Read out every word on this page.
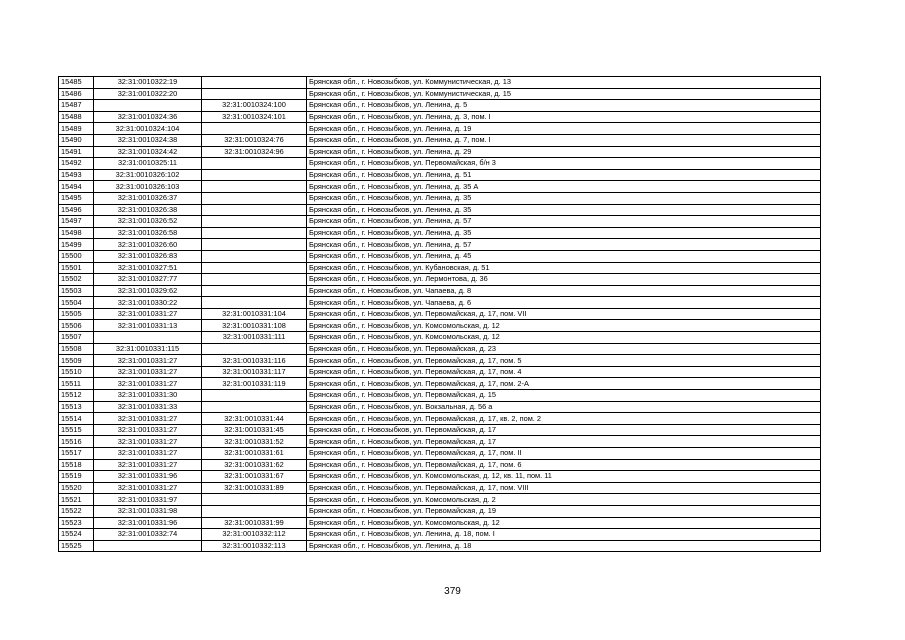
15485	32:31:0010322:19		Брянская обл., г. Новозыбков, ул. Коммунистическая, д. 13
15486	32:31:0010322:20		Брянская обл., г. Новозыбков, ул. Коммунистическая, д. 15
15487		32:31:0010324:100	Брянская обл., г. Новозыбков, ул. Ленина, д. 5
15488	32:31:0010324:36	32:31:0010324:101	Брянская обл., г. Новозыбков, ул. Ленина, д. 3, пом. I
15489	32:31:0010324:104		Брянская обл., г. Новозыбков, ул. Ленина, д. 19
15490	32:31:0010324:38	32:31:0010324:76	Брянская обл., г. Новозыбков, ул. Ленина, д. 7, пом. I
15491	32:31:0010324:42	32:31:0010324:96	Брянская обл., г. Новозыбков, ул. Ленина, д. 29
15492	32:31:0010325:11		Брянская обл., г. Новозыбков, ул. Первомайская, б/н 3
15493	32:31:0010326:102		Брянская обл., г. Новозыбков, ул. Ленина, д. 51
15494	32:31:0010326:103		Брянская обл., г. Новозыбков, ул. Ленина, д. 35 А
15495	32:31:0010326:37		Брянская обл., г. Новозыбков, ул. Ленина, д. 35
15496	32:31:0010326:38		Брянская обл., г. Новозыбков, ул. Ленина, д. 35
15497	32:31:0010326:52		Брянская обл., г. Новозыбков, ул. Ленина, д. 57
15498	32:31:0010326:58		Брянская обл., г. Новозыбков, ул. Ленина, д. 35
15499	32:31:0010326:60		Брянская обл., г. Новозыбков, ул. Ленина, д. 57
15500	32:31:0010326:83		Брянская обл., г. Новозыбков, ул. Ленина, д. 45
15501	32:31:0010327:51		Брянская обл., г. Новозыбков, ул. Кубановская, д. 51
15502	32:31:0010327:77		Брянская обл., г. Новозыбков, ул. Лермонтова, д. 36
15503	32:31:0010329:62		Брянская обл., г. Новозыбков, ул. Чапаева, д. 8
15504	32:31:0010330:22		Брянская обл., г. Новозыбков, ул. Чапаева, д. 6
15505	32:31:0010331:27	32:31:0010331:104	Брянская обл., г. Новозыбков, ул. Первомайская, д. 17, пом. VII
15506	32:31:0010331:13	32:31:0010331:108	Брянская обл., г. Новозыбков, ул. Комсомольская, д. 12
15507		32:31:0010331:111	Брянская обл., г. Новозыбков, ул. Комсомольская, д. 12
15508	32:31:0010331:115		Брянская обл., г. Новозыбков, ул. Первомайская, д. 23
15509	32:31:0010331:27	32:31:0010331:116	Брянская обл., г. Новозыбков, ул. Первомайская, д. 17, пом. 5
15510	32:31:0010331:27	32:31:0010331:117	Брянская обл., г. Новозыбков, ул. Первомайская, д. 17, пом. 4
15511	32:31:0010331:27	32:31:0010331:119	Брянская обл., г. Новозыбков, ул. Первомайская, д. 17, пом. 2-А
15512	32:31:0010331:30		Брянская обл., г. Новозыбков, ул. Первомайская, д. 15
15513	32:31:0010331:33		Брянская обл., г. Новозыбков, ул. Вокзальная, д. 56 а
15514	32:31:0010331:27	32:31:0010331:44	Брянская обл., г. Новозыбков, ул. Первомайская, д. 17, кв. 2, пом. 2
15515	32:31:0010331:27	32:31:0010331:45	Брянская обл., г. Новозыбков, ул. Первомайская, д. 17
15516	32:31:0010331:27	32:31:0010331:52	Брянская обл., г. Новозыбков, ул. Первомайская, д. 17
15517	32:31:0010331:27	32:31:0010331:61	Брянская обл., г. Новозыбков, ул. Первомайская, д. 17, пом. II
15518	32:31:0010331:27	32:31:0010331:62	Брянская обл., г. Новозыбков, ул. Первомайская, д. 17, пом. 6
15519	32:31:0010331:96	32:31:0010331:67	Брянская обл., г. Новозыбков, ул. Комсомольская, д. 12, кв. 11, пом. 11
15520	32:31:0010331:27	32:31:0010331:89	Брянская обл., г. Новозыбков, ул. Первомайская, д. 17, пом. VIII
15521	32:31:0010331:97		Брянская обл., г. Новозыбков, ул. Комсомольская, д. 2
15522	32:31:0010331:98		Брянская обл., г. Новозыбков, ул. Первомайская, д. 19
15523	32:31:0010331:96	32:31:0010331:99	Брянская обл., г. Новозыбков, ул. Комсомольская, д. 12
15524	32:31:0010332:74	32:31:0010332:112	Брянская обл., г. Новозыбков, ул. Ленина, д. 18, пом. I
15525		32:31:0010332:113	Брянская обл., г. Новозыбков, ул. Ленина, д. 18
379
